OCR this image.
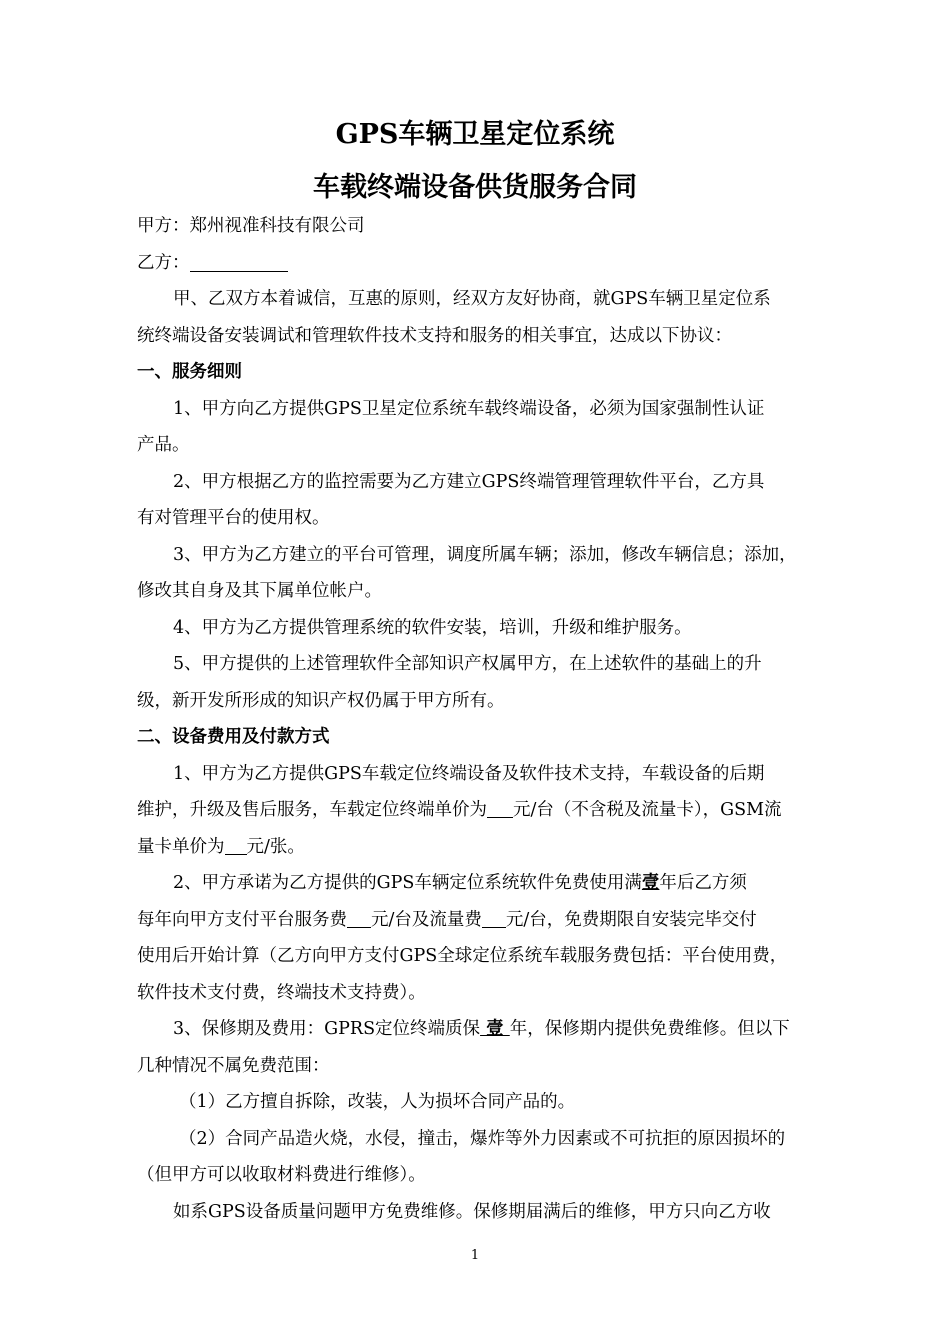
GPS车辆卫星定位系统
车载终端设备供货服务合同
甲方：郑州视准科技有限公司
乙方：
甲、乙双方本着诚信，互惠的原则，经双方友好协商，就GPS车辆卫星定位系
统终端设备安装调试和管理软件技术支持和服务的相关事宜，达成以下协议：
一、服务细则
1、甲方向乙方提供GPS卫星定位系统车载终端设备，必须为国家强制性认证
产品。
2、甲方根据乙方的监控需要为乙方建立GPS终端管理管理软件平台，乙方具
有对管理平台的使用权。
3、甲方为乙方建立的平台可管理，调度所属车辆；添加，修改车辆信息；添加，
修改其自身及其下属单位帐户。
4、甲方为乙方提供管理系统的软件安装，培训，升级和维护服务。
5、甲方提供的上述管理软件全部知识产权属甲方，在上述软件的基础上的升
级，新开发所形成的知识产权仍属于甲方所有。
二、设备费用及付款方式
1、甲方为乙方提供GPS车载定位终端设备及软件技术支持，车载设备的后期
维护，升级及售后服务，车载定位终端单价为 元/台（不含税及流量卡），GSM流
量卡单价为 元/张。
2、甲方承诺为乙方提供的GPS车辆定位系统软件免费使用满壹年后乙方须
每年向甲方支付平台服务费 元/台及流量费 元/台，免费期限自安装完毕交付
使用后开始计算（乙方向甲方支付GPS全球定位系统车载服务费包括：平台使用费，
软件技术支付费，终端技术支持费）。
3、保修期及费用：GPRS定位终端质保 壹 年，保修期内提供免费维修。但以下
几种情况不属免费范围：
（1）乙方擅自拆除，改装，人为损坏合同产品的。
（2）合同产品造火烧，水侵，撞击，爆炸等外力因素或不可抗拒的原因损坏的
（但甲方可以收取材料费进行维修）。
如系GPS设备质量问题甲方免费维修。保修期届满后的维修，甲方只向乙方收
1
